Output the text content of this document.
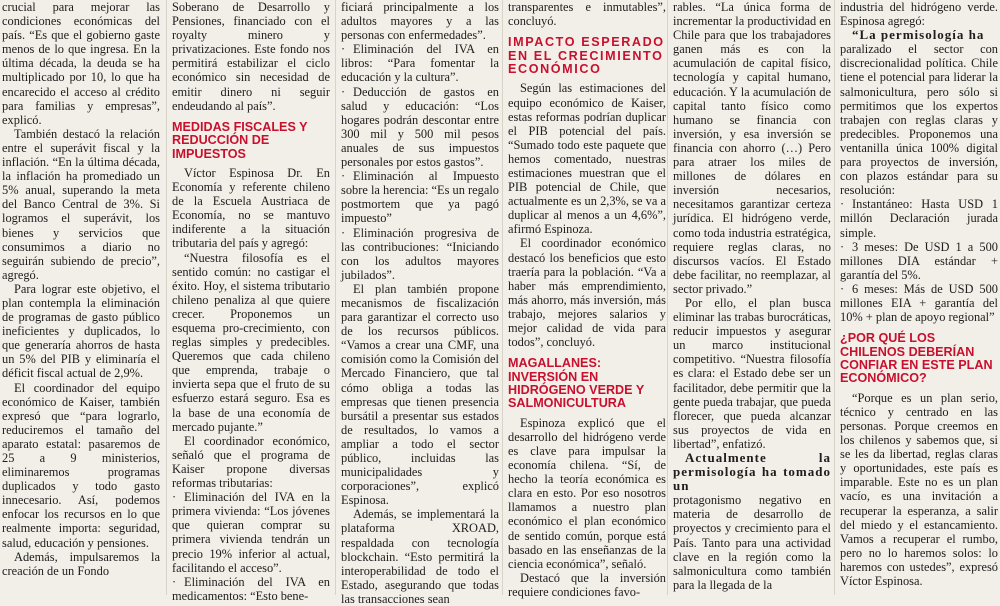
crucial para mejorar las condiciones económicas del país. “Es que el gobierno gaste menos de lo que ingresa. En la última década, la deuda se ha multiplicado por 10, lo que ha encarecido el acceso al crédito para familias y empresas”, explicó.

También destacó la relación entre el superávit fiscal y la inflación. “En la última década, la inflación ha promediado un 5% anual, superando la meta del Banco Central de 3%. Si logramos el superávit, los bienes y servicios que consumimos a diario no seguirán subiendo de precio”, agregó.

Para lograr este objetivo, el plan contempla la eliminación de programas de gasto público ineficientes y duplicados, lo que generaría ahorros de hasta un 5% del PIB y eliminaría el déficit fiscal actual de 2,9%.

El coordinador del equipo económico de Kaiser, también expresó que “para lograrlo, reduciremos el tamaño del aparato estatal: pasaremos de 25 a 9 ministerios, eliminaremos programas duplicados y todo gasto innecesario. Así, podemos enfocar los recursos en lo que realmente importa: seguridad, salud, educación y pensiones.

Además, impulsaremos la creación de un Fondo

Soberano de Desarrollo y Pensiones, financiado con el royalty minero y privatizaciones. Este fondo nos permitirá estabilizar el ciclo económico sin necesidad de emitir dinero ni seguir endeudando al país”.

MEDIDAS FISCALES Y REDUCCIÓN DE IMPUESTOS

Víctor Espinosa Dr. En Economía y referente chileno de la Escuela Austriaca de Economía, no se mantuvo indiferente a la situación tributaria del país y agregó:

“Nuestra filosofía es el sentido común: no castigar el éxito. Hoy, el sistema tributario chileno penaliza al que quiere crecer. Proponemos un esquema pro-crecimiento, con reglas simples y predecibles. Queremos que cada chileno que emprenda, trabaje o invierta sepa que el fruto de su esfuerzo estará seguro. Esa es la base de una economía de mercado pujante.”

El coordinador económico, señaló que el programa de Kaiser propone diversas reformas tributarias:

· Eliminación del IVA en la primera vivienda: “Los jóvenes que quieran comprar su primera vivienda tendrán un precio 19% inferior al actual, facilitando el acceso”.

· Eliminación del IVA en medicamentos: “Esto bene-

ficiará principalmente a los adultos mayores y a las personas con enfermedades”.

· Eliminación del IVA en libros: “Para fomentar la educación y la cultura”.

· Deducción de gastos en salud y educación: “Los hogares podrán descontar entre 300 mil y 500 mil pesos anuales de sus impuestos personales por estos gastos”.

· Eliminación al Impuesto sobre la herencia: “Es un regalo postmortem que ya pagó impuesto”

· Eliminación progresiva de las contribuciones: “Iniciando con los adultos mayores jubilados”.

El plan también propone mecanismos de fiscalización para garantizar el correcto uso de los recursos públicos. “Vamos a crear una CMF, una comisión como la Comisión del Mercado Financiero, que tal cómo obliga a todas las empresas que tienen presencia bursátil a presentar sus estados de resultados, lo vamos a ampliar a todo el sector público, incluidas las municipalidades y corporaciones”, explicó Espinosa.

Además, se implementará la plataforma XROAD, respaldada con tecnología blockchain. “Esto permitirá la interoperabilidad de todo el Estado, asegurando que todas las transacciones sean

transparentes e inmutables”, concluyó.

IMPACTO ESPERADO EN EL CRECIMIENTO ECONÓMICO

Según las estimaciones del equipo económico de Kaiser, estas reformas podrían duplicar el PIB potencial del país. “Sumado todo este paquete que hemos comentado, nuestras estimaciones muestran que el PIB potencial de Chile, que actualmente es un 2,3%, se va a duplicar al menos a un 4,6%”, afirmó Espinoza.

El coordinador económico destacó los beneficios que esto traería para la población. “Va a haber más emprendimiento, más ahorro, más inversión, más trabajo, mejores salarios y mejor calidad de vida para todos”, concluyó.

MAGALLANES: INVERSIÓN EN HIDRÓGENO VERDE Y SALMONICULTURA

Espinoza explicó que el desarrollo del hidrógeno verde es clave para impulsar la economía chilena. “Sí, de hecho la teoría económica es clara en esto. Por eso nosotros llamamos a nuestro plan económico el plan económico de sentido común, porque está basado en las enseñanzas de la ciencia económica”, señaló.

Destacó que la inversión requiere condiciones favo-

rables. “La única forma de incrementar la productividad en Chile para que los trabajadores ganen más es con la acumulación de capital físico, tecnología y capital humano, educación. Y la acumulación de capital tanto físico como humano se financia con inversión, y esa inversión se financia con ahorro (…) Pero para atraer los miles de millones de dólares en inversión necesarios, necesitamos garantizar certeza jurídica. El hidrógeno verde, como toda industria estratégica, requiere reglas claras, no discursos vacíos. El Estado debe facilitar, no reemplazar, al sector privado.”

Por ello, el plan busca eliminar las trabas burocráticas, reducir impuestos y asegurar un marco institucional competitivo. “Nuestra filosofía es clara: el Estado debe ser un facilitador, debe permitir que la gente pueda trabajar, que pueda florecer, que pueda alcanzar sus proyectos de vida en libertad”, enfatizó.

Actualmente la permisología ha tomado un

protagonismo negativo en materia de desarrollo de proyectos y crecimiento para el País. Tanto para una actividad clave en la región como la salmonicultura como también para la llegada de la

industria del hidrógeno verde. Espinosa agregó:

“La permisología ha

paralizado el sector con discrecionalidad política. Chile tiene el potencial para liderar la salmonicultura, pero sólo si permitimos que los expertos trabajen con reglas claras y predecibles. Proponemos una ventanilla única 100% digital para proyectos de inversión, con plazos estándar para su resolución:

· Instantáneo: Hasta USD 1 millón Declaración jurada simple.

· 3 meses: De USD 1 a 500 millones DIA estándar + garantía del 5%.

· 6 meses: Más de USD 500 millones EIA + garantía del 10% + plan de apoyo regional”

¿POR QUÉ LOS CHILENOS DEBERÍAN CONFIAR EN ESTE PLAN ECONÓMICO?

“Porque es un plan serio, técnico y centrado en las personas. Porque creemos en los chilenos y sabemos que, si se les da libertad, reglas claras y oportunidades, este país es imparable. Este no es un plan vacío, es una invitación a recuperar la esperanza, a salir del miedo y el estancamiento. Vamos a recuperar el rumbo, pero no lo haremos solos: lo haremos con ustedes”, expresó Víctor Espinosa.
